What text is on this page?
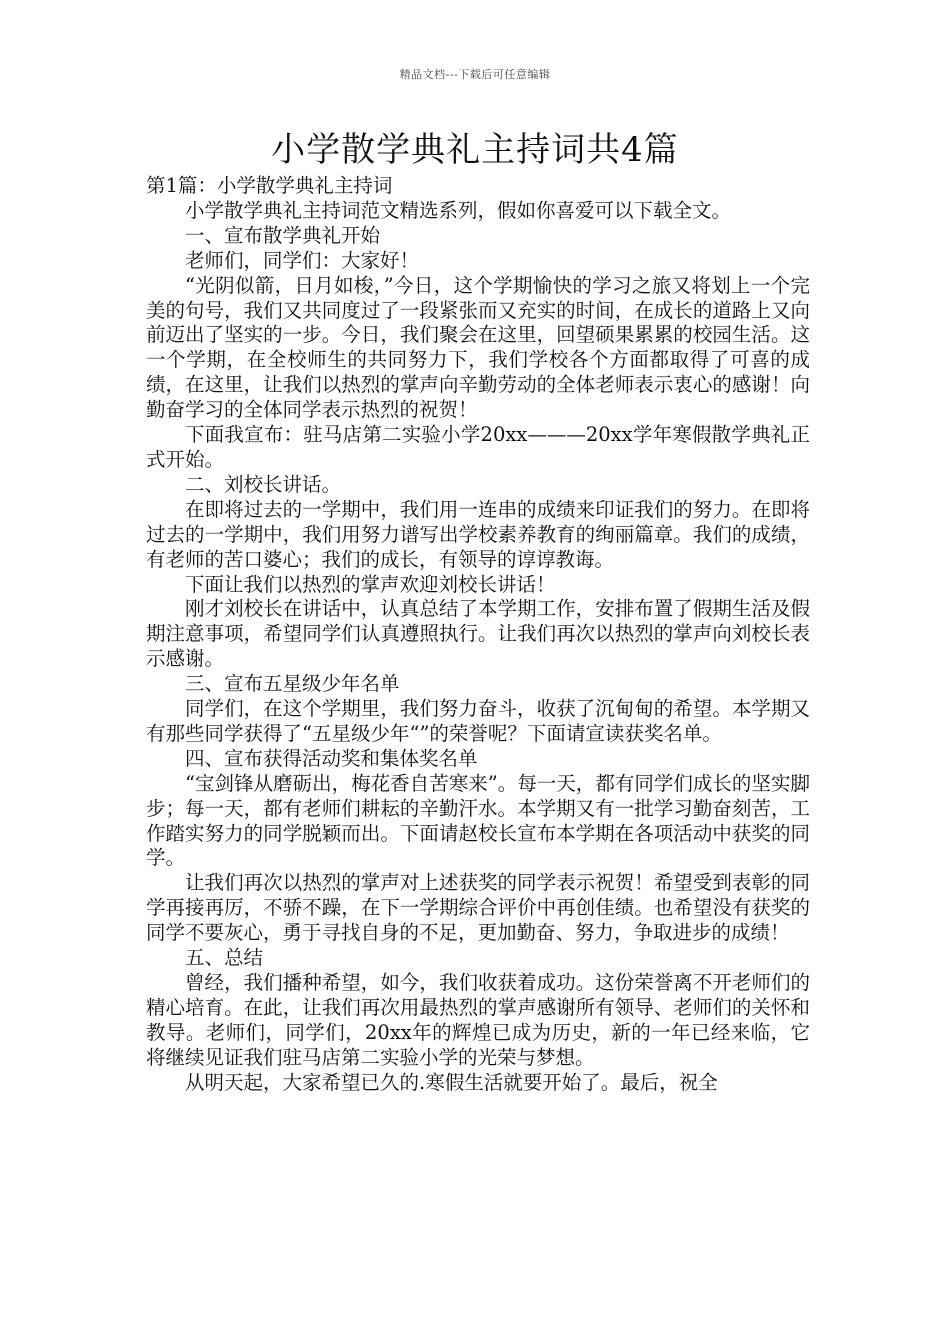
精品文档---下载后可任意编辑
小学散学典礼主持词共4篇

第1篇：小学散学典礼主持词

小学散学典礼主持词范文精选系列，假如你喜爱可以下载全文。

一、宣布散学典礼开始

老师们，同学们：大家好！

“光阴似箭，日月如梭，”今日，这个学期愉快的学习之旅又将划上一个完美的句号，我们又共同度过了一段紧张而又充实的时间，在成长的道路上又向前迈出了坚实的一步。今日，我们聚会在这里，回望硕果累累的校园生活。这一个学期，在全校师生的共同努力下，我们学校各个方面都取得了可喜的成绩，在这里，让我们以热烈的掌声向辛勤劳动的全体老师表示衷心的感谢！向勤奋学习的全体同学表示热烈的祝贺！

下面我宣布：驻马店第二实验小学20xx———20xx学年寒假散学典礼正式开始。

二、刘校长讲话。

在即将过去的一学期中，我们用一连串的成绩来印证我们的努力。在即将过去的一学期中，我们用努力谱写出学校素养教育的绚丽篇章。我们的成绩，有老师的苦口婆心；我们的成长，有领导的谆谆教诲。

下面让我们以热烈的掌声欢迎刘校长讲话！

刚才刘校长在讲话中，认真总结了本学期工作，安排布置了假期生活及假期注意事项，希望同学们认真遵照执行。让我们再次以热烈的掌声向刘校长表示感谢。

三、宣布五星级少年名单

同学们，在这个学期里，我们努力奋斗，收获了沉甸甸的希望。本学期又有那些同学获得了“五星级少年“”的荣誉呢？下面请宣读获奖名单。

四、宣布获得活动奖和集体奖名单

“宝剑锋从磨砺出，梅花香自苦寒来”。每一天，都有同学们成长的坚实脚步；每一天，都有老师们耕耘的辛勤汗水。本学期又有一批学习勤奋刻苦，工作踏实努力的同学脱颖而出。下面请赵校长宣布本学期在各项活动中获奖的同学。

让我们再次以热烈的掌声对上述获奖的同学表示祝贺！希望受到表彰的同学再接再厉，不骄不躁，在下一学期综合评价中再创佳绩。也希望没有获奖的同学不要灰心，勇于寻找自身的不足，更加勤奋、努力，争取进步的成绩！

五、总结

曾经，我们播种希望，如今，我们收获着成功。这份荣誉离不开老师们的精心培育。在此，让我们再次用最热烈的掌声感谢所有领导、老师们的关怀和教导。老师们，同学们，20xx年的辉煌已成为历史，新的一年已经来临，它将继续见证我们驻马店第二实验小学的光荣与梦想。

从明天起，大家希望已久的.寒假生活就要开始了。最后，祝全
